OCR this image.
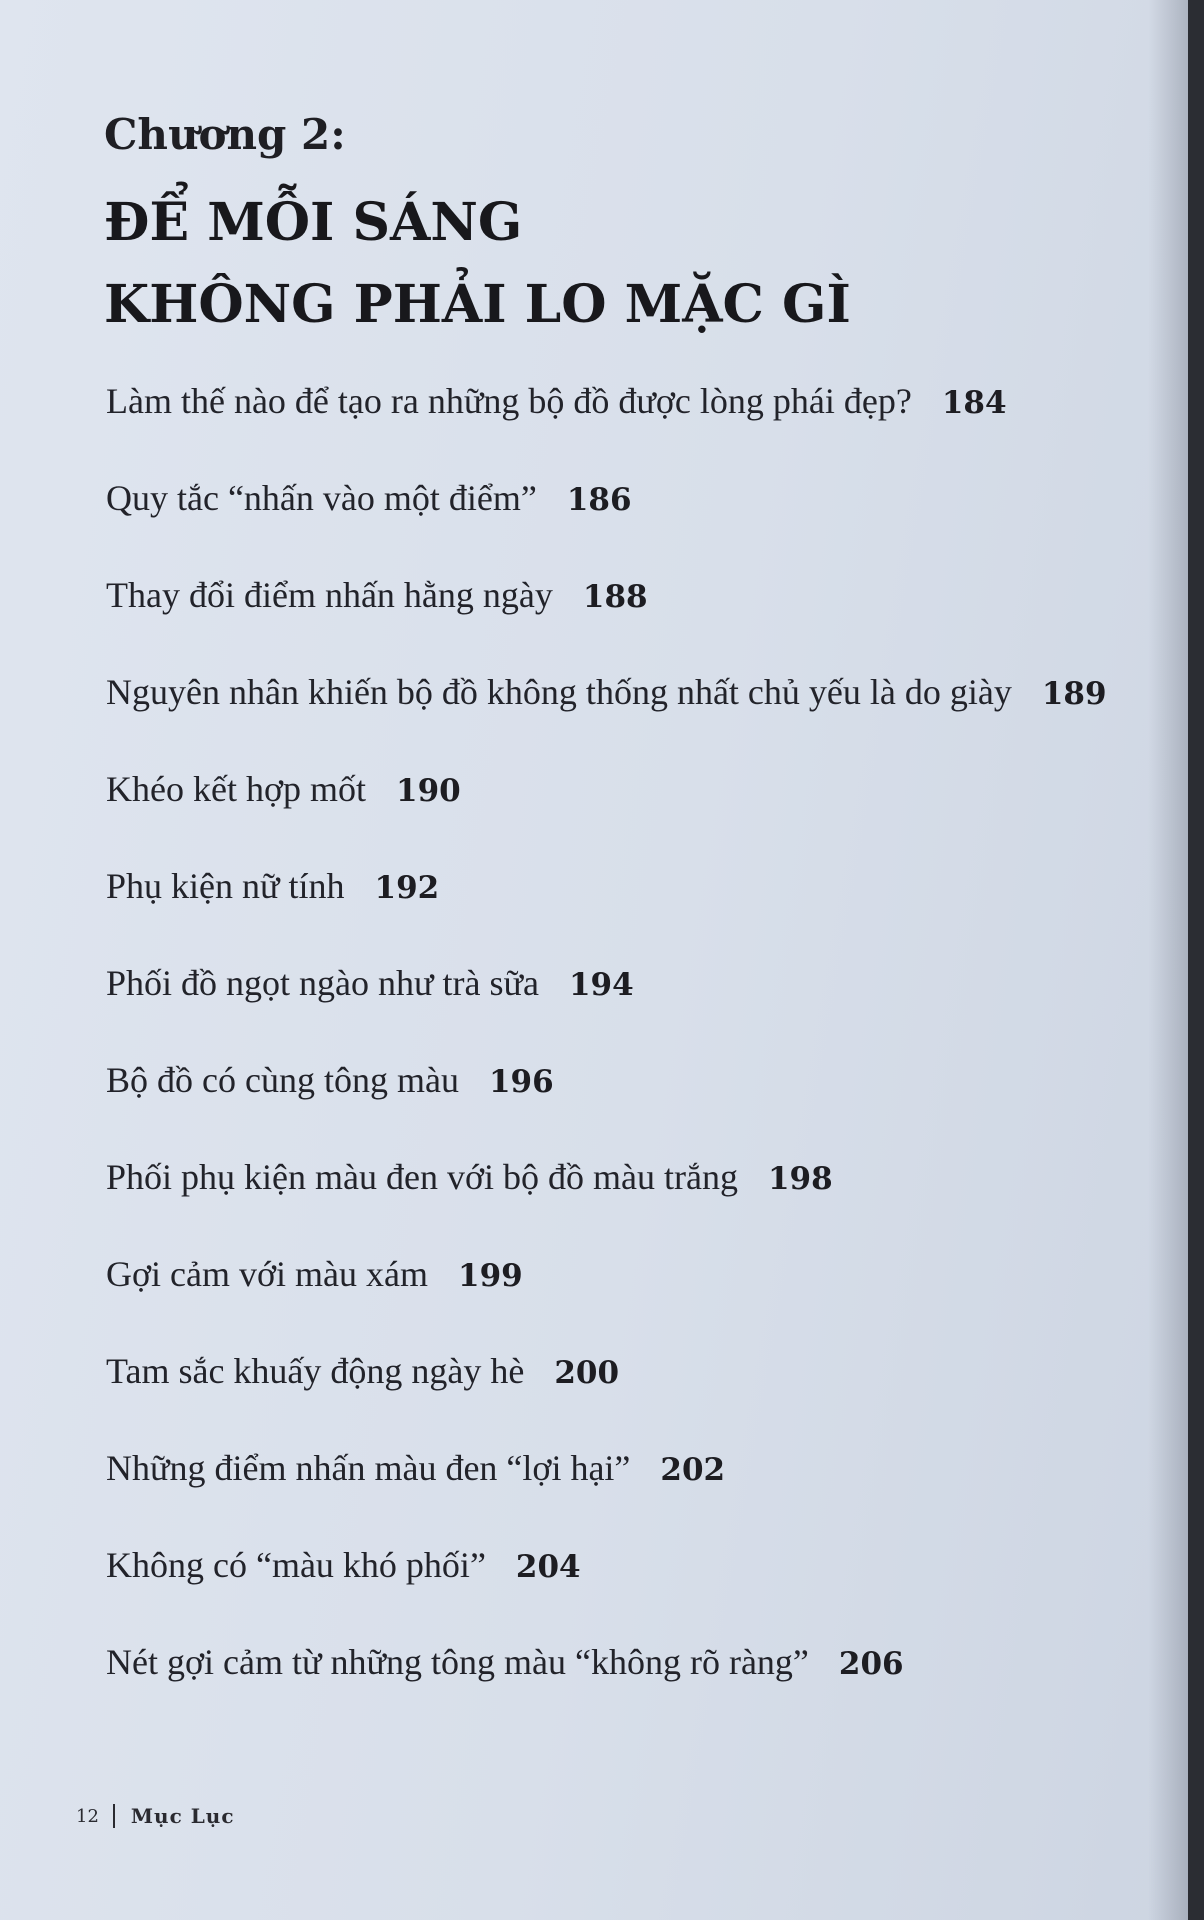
Chương 2:
ĐỂ MỖI SÁNG
KHÔNG PHẢI LO MẶC GÌ
Làm thế nào để tạo ra những bộ đồ được lòng phái đẹp? 184
Quy tắc “nhấn vào một điểm” 186
Thay đổi điểm nhấn hằng ngày 188
Nguyên nhân khiến bộ đồ không thống nhất chủ yếu là do giày 189
Khéo kết hợp mốt 190
Phụ kiện nữ tính 192
Phối đồ ngọt ngào như trà sữa 194
Bộ đồ có cùng tông màu 196
Phối phụ kiện màu đen với bộ đồ màu trắng 198
Gợi cảm với màu xám 199
Tam sắc khuấy động ngày hè 200
Những điểm nhấn màu đen “lợi hại” 202
Không có “màu khó phối” 204
Nét gợi cảm từ những tông màu “không rõ ràng” 206
12 Mục Lục
